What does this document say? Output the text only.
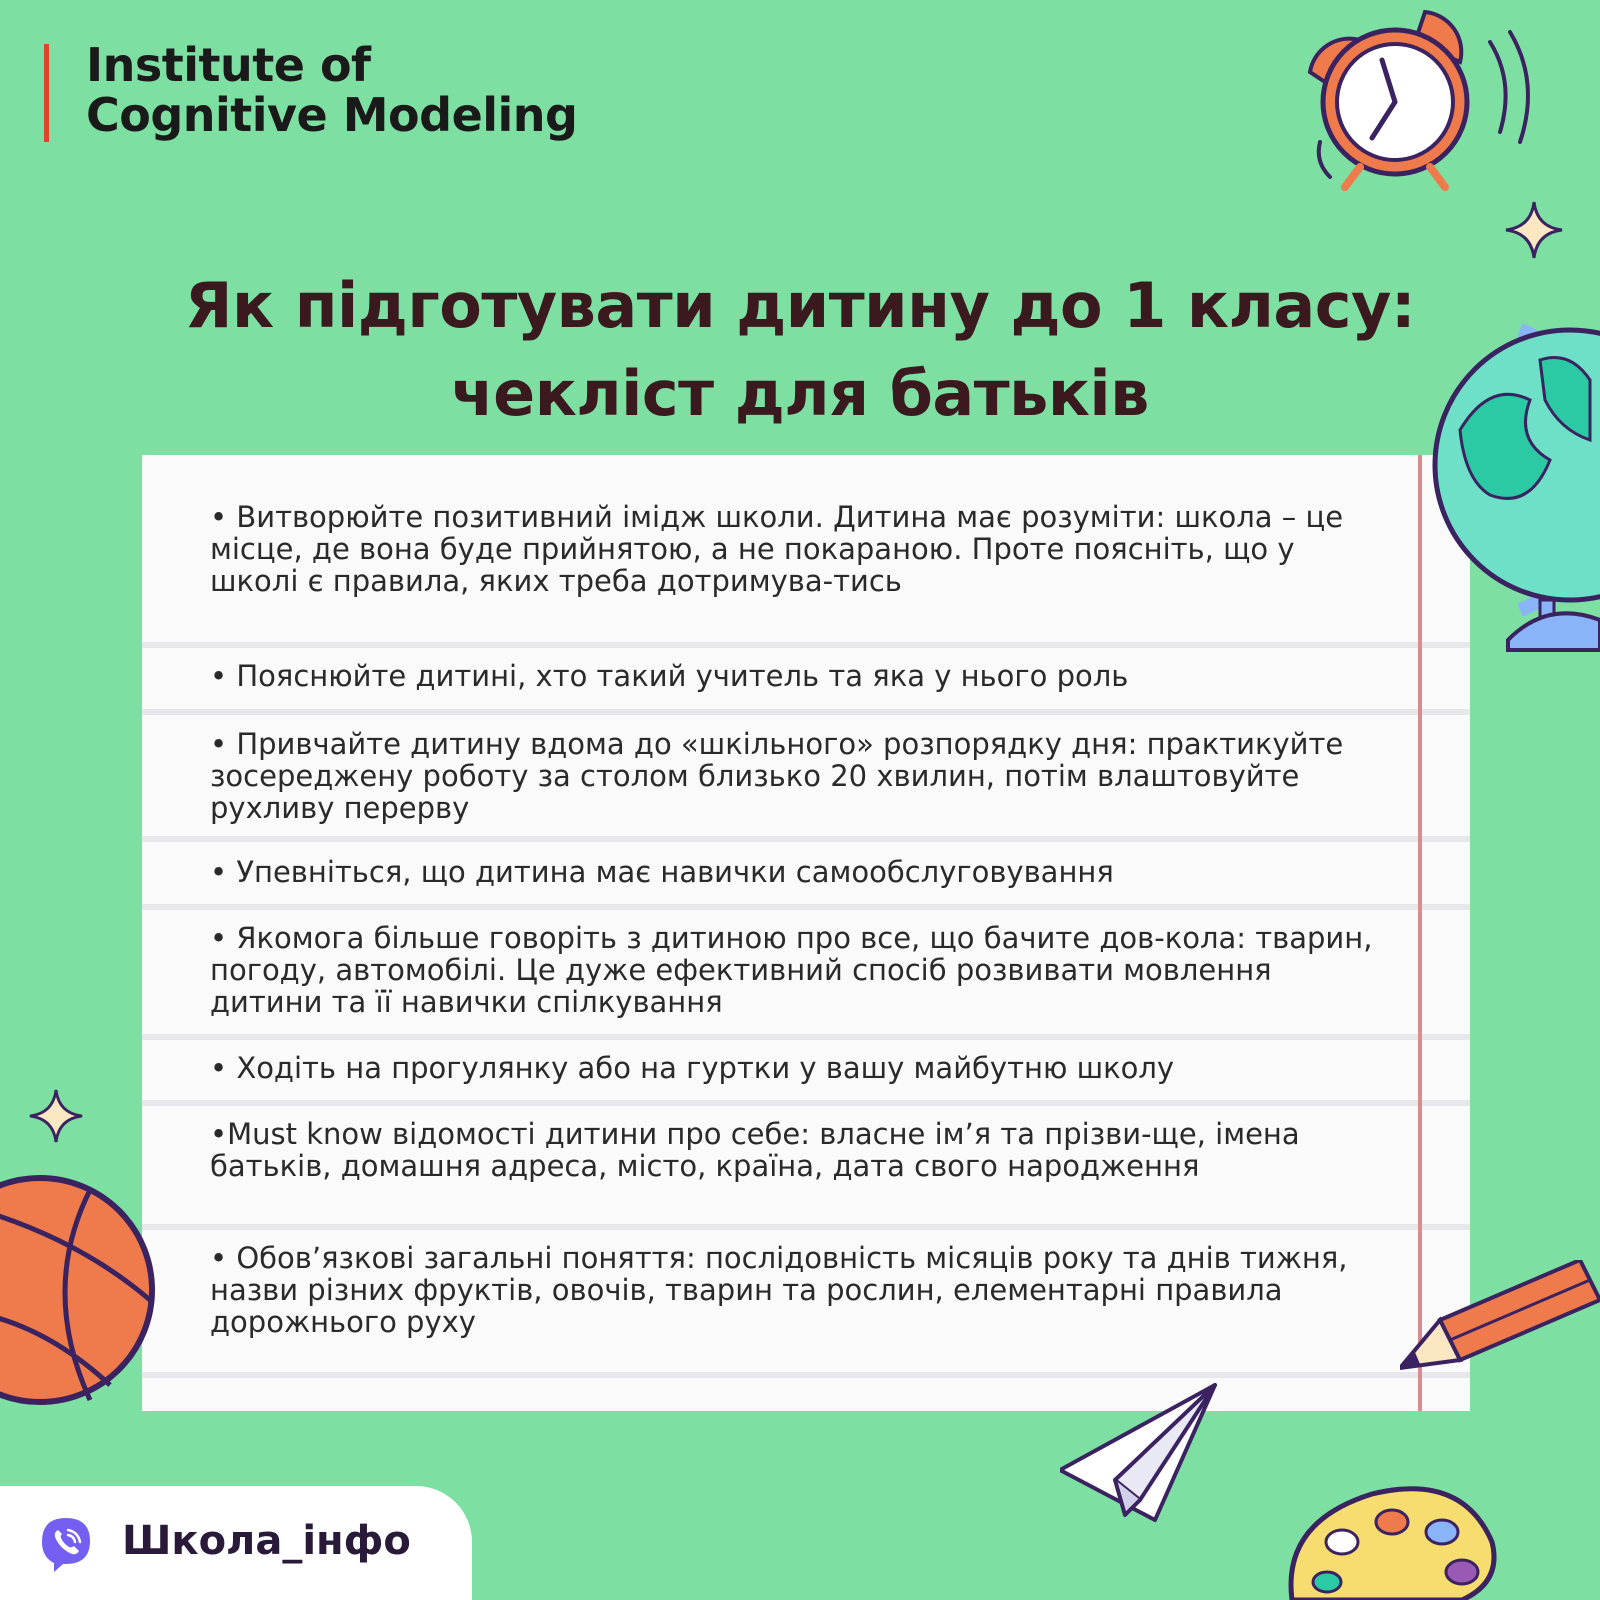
Institute of
Cognitive Modeling
Як підготувати дитину до 1 класу:
чекліст для батьків

• Витворюйте позитивний імідж школи. Дитина має розуміти: школа – це місце, де вона буде прийнятою, а не покараною. Проте поясніть, що у школі є правила, яких треба дотримува-тись

• Пояснюйте дитині, хто такий учитель та яка у нього роль

• Привчайте дитину вдома до «шкільного» розпорядку дня: практикуйте зосереджену роботу за столом близько 20 хвилин, потім влаштовуйте рухливу перерву

• Упевніться, що дитина має навички самообслуговування

• Якомога більше говоріть з дитиною про все, що бачите дов-кола: тварин, погоду, автомобілі. Це дуже ефективний спосіб розвивати мовлення дитини та її навички спілкування

• Ходіть на прогулянку або на гуртки у вашу майбутню школу

•Must know відомості дитини про себе: власне ім’я та прізви-ще, імена батьків, домашня адреса, місто, країна, дата свого народження

• Обов’язкові загальні поняття: послідовність місяців року та днів тижня, назви різних фруктів, овочів, тварин та рослин, елементарні правила дорожнього руху

Школа_інфо
